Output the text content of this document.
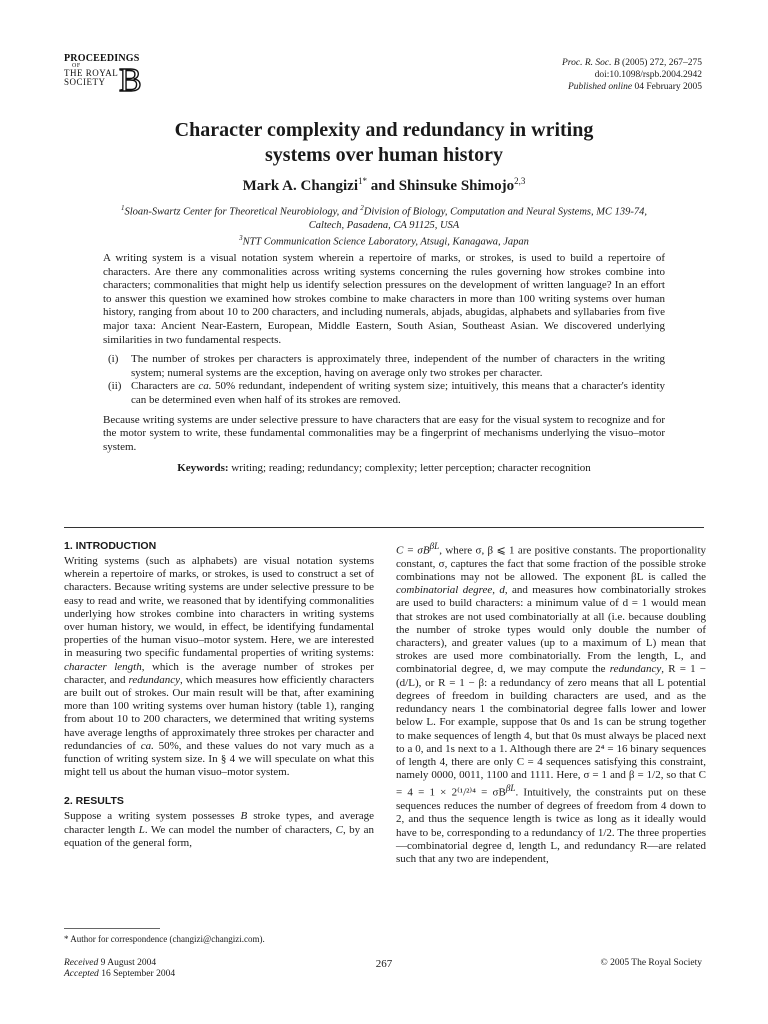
PROCEEDINGS
OF
THE ROYAL
SOCIETY B	Proc. R. Soc. B (2005) 272, 267–275
doi:10.1098/rspb.2004.2942
Published online 04 February 2005
Character complexity and redundancy in writing
systems over human history
Mark A. Changizi$^{1*}$ and Shinsuke Shimojo$^{2,3}$
$^1$Sloan-Swartz Center for Theoretical Neurobiology, and $^2$Division of Biology, Computation and Neural Systems, MC 139-74,
Caltech, Pasadena, CA 91125, USA
$^3$NTT Communication Science Laboratory, Atsugi, Kanagawa, Japan

A writing system is a visual notation system wherein a repertoire of marks, or strokes, is used to build a repertoire of characters. Are there any commonalities across writing systems concerning the rules governing how strokes combine into characters; commonalities that might help us identify selection pressures on the development of written language? In an effort to answer this question we examined how strokes combine to make characters in more than 100 writing systems over human history, ranging from about 10 to 200 characters, and including numerals, abjads, abugidas, alphabets and syllabaries from five major taxa: Ancient Near-Eastern, European, Middle Eastern, South Asian, Southeast Asian. We discovered underlying similarities in two fundamental respects.

(i) The number of strokes per characters is approximately three, independent of the number of characters in the writing system; numeral systems are the exception, having on average only two strokes per character.
(ii) Characters are ca. 50% redundant, independent of writing system size; intuitively, this means that a character's identity can be determined even when half of its strokes are removed.

Because writing systems are under selective pressure to have characters that are easy for the visual system to recognize and for the motor system to write, these fundamental commonalities may be a fingerprint of mechanisms underlying the visuo–motor system.

Keywords: writing; reading; redundancy; complexity; letter perception; character recognition
1. INTRODUCTION

Writing systems (such as alphabets) are visual notation systems wherein a repertoire of marks, or strokes, is used to construct a set of characters. Because writing systems are under selective pressure to be easy to read and write, we reasoned that by identifying commonalities underlying how strokes combine into characters in writing systems over human history, we would, in effect, be identifying fundamental properties of the human visuo–motor system. Here, we are interested in measuring two specific fundamental properties of writing systems: character length, which is the average number of strokes per character, and redundancy, which measures how efficiently characters are built out of strokes. Our main result will be that, after examining more than 100 writing systems over human history (table 1), ranging from about 10 to 200 characters, we determined that writing systems have average lengths of approximately three strokes per character and redundancies of ca. 50%, and these values do not vary much as a function of writing system size. In § 4 we will speculate on what this might tell us about the human visuo–motor system.

2. RESULTS

Suppose a writing system possesses B stroke types, and average character length L. We can model the number of characters, C, by an equation of the general form,

$C = \sigma B^{\beta L}$, where σ, β ⩽ 1 are positive constants. The proportionality constant, σ, captures the fact that some fraction of the possible stroke combinations may not be allowed. The exponent βL is called the combinatorial degree, d, and measures how combinatorially strokes are used to build characters: a minimum value of d = 1 would mean that strokes are not used combinatorially at all (i.e. because doubling the number of stroke types would only double the number of characters), and greater values (up to a maximum of L) mean that strokes are used more combinatorially. From the length, L, and combinatorial degree, d, we may compute the redundancy, R = 1 − (d/L), or R = 1 − β: a redundancy of zero means that all L potential degrees of freedom in building characters are used, and as the redundancy nears 1 the combinatorial degree falls lower and lower below L. For example, suppose that 0s and 1s can be strung together to make sequences of length 4, but that 0s must always be placed next to a 0, and 1s next to a 1. Although there are 2⁴ = 16 binary sequences of length 4, there are only C = 4 sequences satisfying this constraint, namely 0000, 0011, 1100 and 1111. Here, σ = 1 and β = 1/2, so that $C = 4 = 1 \times 2^{(1}/^{2)4} = \sigma B^{\beta L}$. Intuitively, the constraints put on these sequences reduces the number of degrees of freedom from 4 down to 2, and thus the sequence length is twice as long as it ideally would have to be, corresponding to a redundancy of 1/2. The three properties—combinatorial degree d, length L, and redundancy R—are related such that any two are independent,

* Author for correspondence (changizi@changizi.com).
Received 9 August 2004
Accepted 16 September 2004
267	© 2005 The Royal Society
